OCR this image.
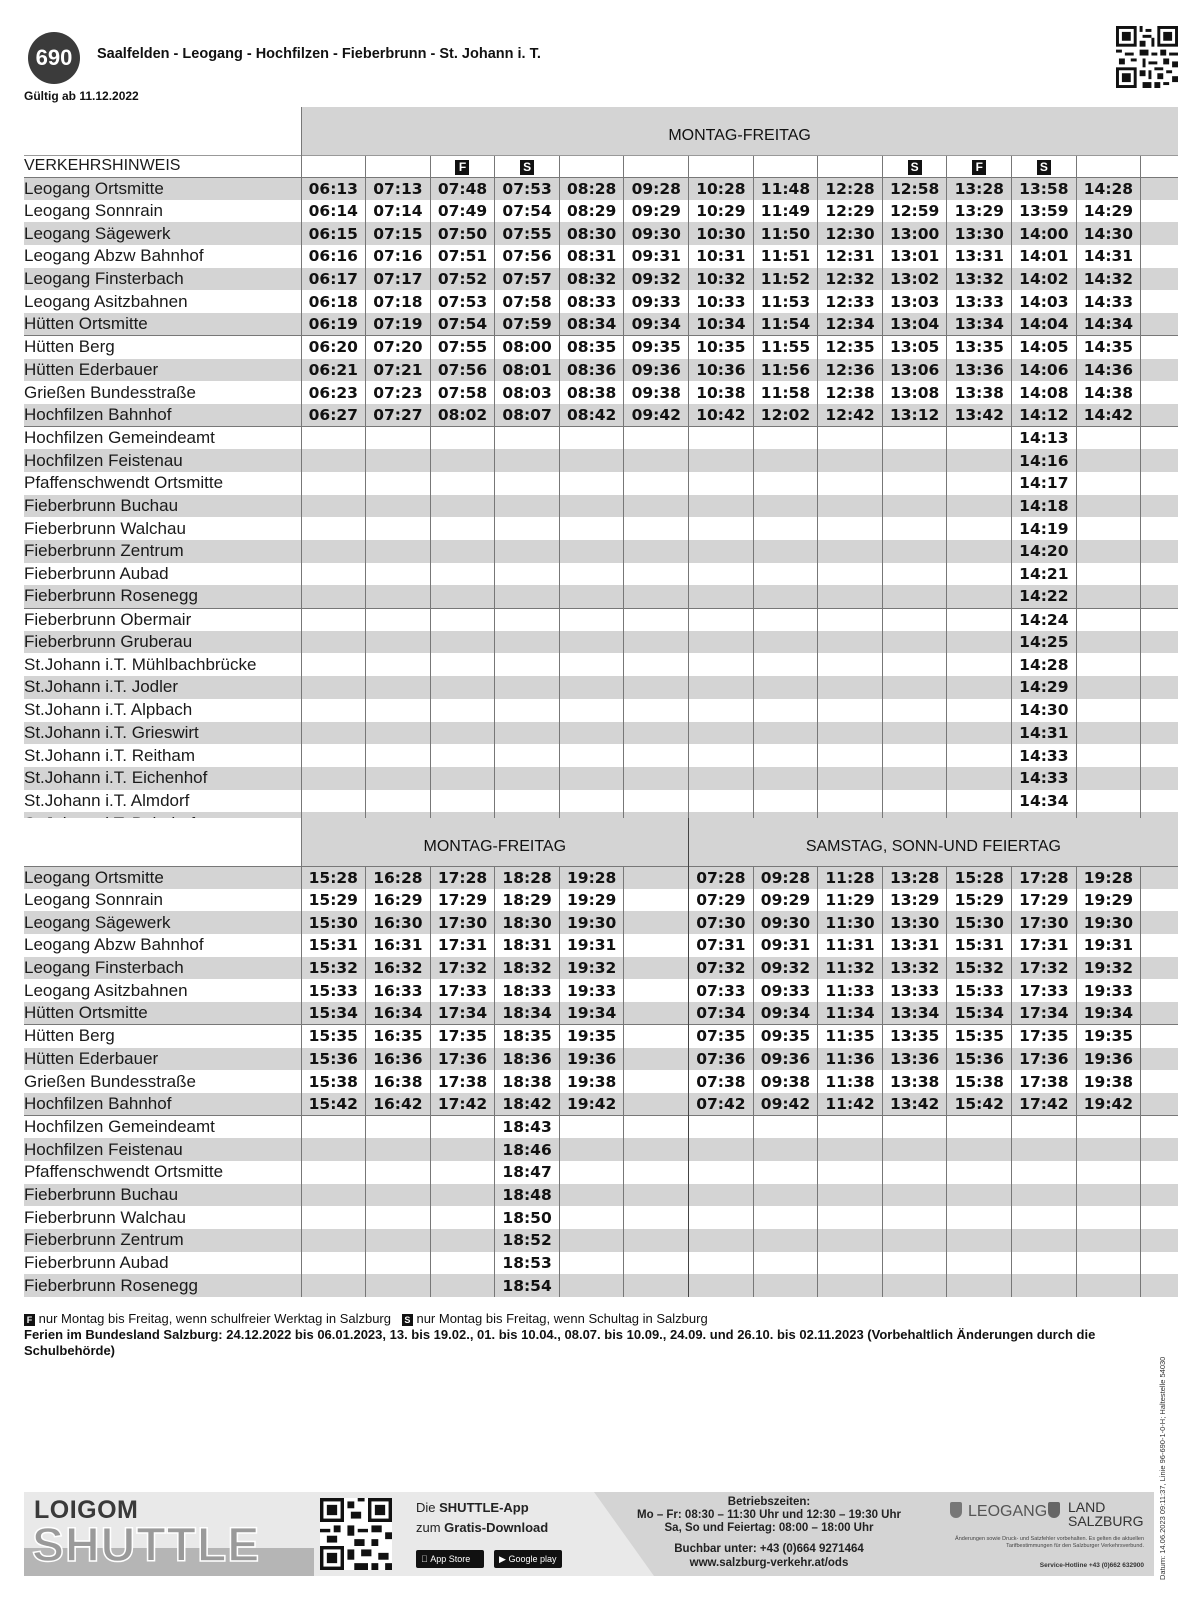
690	Saalfelden - Leogang - Hochfilzen - Fieberbrunn - St. Johann i. T.
Gültig ab 11.12.2022
	MONTAG-FREITAG													
VERKEHRSHINWEIS			F	S						S	F	S		
Leogang Ortsmitte	06:13	07:13	07:48	07:53	08:28	09:28	10:28	11:48	12:28	12:58	13:28	13:58	14:28	
Leogang Sonnrain	06:14	07:14	07:49	07:54	08:29	09:29	10:29	11:49	12:29	12:59	13:29	13:59	14:29	
Leogang Sägewerk	06:15	07:15	07:50	07:55	08:30	09:30	10:30	11:50	12:30	13:00	13:30	14:00	14:30	
Leogang Abzw Bahnhof	06:16	07:16	07:51	07:56	08:31	09:31	10:31	11:51	12:31	13:01	13:31	14:01	14:31	
Leogang Finsterbach	06:17	07:17	07:52	07:57	08:32	09:32	10:32	11:52	12:32	13:02	13:32	14:02	14:32	
Leogang Asitzbahnen	06:18	07:18	07:53	07:58	08:33	09:33	10:33	11:53	12:33	13:03	13:33	14:03	14:33	
Hütten Ortsmitte	06:19	07:19	07:54	07:59	08:34	09:34	10:34	11:54	12:34	13:04	13:34	14:04	14:34	
Hütten Berg	06:20	07:20	07:55	08:00	08:35	09:35	10:35	11:55	12:35	13:05	13:35	14:05	14:35	
Hütten Ederbauer	06:21	07:21	07:56	08:01	08:36	09:36	10:36	11:56	12:36	13:06	13:36	14:06	14:36	
Grießen Bundesstraße	06:23	07:23	07:58	08:03	08:38	09:38	10:38	11:58	12:38	13:08	13:38	14:08	14:38	
Hochfilzen Bahnhof	06:27	07:27	08:02	08:07	08:42	09:42	10:42	12:02	12:42	13:12	13:42	14:12	14:42	
Hochfilzen Gemeindeamt												14:13		
Hochfilzen Feistenau												14:16		
Pfaffenschwendt Ortsmitte												14:17		
Fieberbrunn Buchau												14:18		
Fieberbrunn Walchau												14:19		
Fieberbrunn Zentrum												14:20		
Fieberbrunn Aubad												14:21		
Fieberbrunn Rosenegg												14:22		
Fieberbrunn Obermair												14:24		
Fieberbrunn Gruberau												14:25		
St.Johann i.T. Mühlbachbrücke												14:28		
St.Johann i.T. Jodler												14:29		
St.Johann i.T. Alpbach												14:30		
St.Johann i.T. Grieswirt												14:31		
St.Johann i.T. Reitham												14:33		
St.Johann i.T. Eichenhof												14:33		
St.Johann i.T. Almdorf												14:34		

	MONTAG-FREITAG						SAMSTAG, SONN-UND FEIERTAG							
Leogang Ortsmitte	15:28	16:28	17:28	18:28	19:28		07:28	09:28	11:28	13:28	15:28	17:28	19:28	
Leogang Sonnrain	15:29	16:29	17:29	18:29	19:29		07:29	09:29	11:29	13:29	15:29	17:29	19:29	
Leogang Sägewerk	15:30	16:30	17:30	18:30	19:30		07:30	09:30	11:30	13:30	15:30	17:30	19:30	
Leogang Abzw Bahnhof	15:31	16:31	17:31	18:31	19:31		07:31	09:31	11:31	13:31	15:31	17:31	19:31	
Leogang Finsterbach	15:32	16:32	17:32	18:32	19:32		07:32	09:32	11:32	13:32	15:32	17:32	19:32	
Leogang Asitzbahnen	15:33	16:33	17:33	18:33	19:33		07:33	09:33	11:33	13:33	15:33	17:33	19:33	
Hütten Ortsmitte	15:34	16:34	17:34	18:34	19:34		07:34	09:34	11:34	13:34	15:34	17:34	19:34	
Hütten Berg	15:35	16:35	17:35	18:35	19:35		07:35	09:35	11:35	13:35	15:35	17:35	19:35	
Hütten Ederbauer	15:36	16:36	17:36	18:36	19:36		07:36	09:36	11:36	13:36	15:36	17:36	19:36	
Grießen Bundesstraße	15:38	16:38	17:38	18:38	19:38		07:38	09:38	11:38	13:38	15:38	17:38	19:38	
Hochfilzen Bahnhof	15:42	16:42	17:42	18:42	19:42		07:42	09:42	11:42	13:42	15:42	17:42	19:42	
Hochfilzen Gemeindeamt				18:43										
Hochfilzen Feistenau				18:46										
Pfaffenschwendt Ortsmitte				18:47										
Fieberbrunn Buchau				18:48										
Fieberbrunn Walchau				18:50										
Fieberbrunn Zentrum				18:52										
Fieberbrunn Aubad				18:53										
Fieberbrunn Rosenegg				18:54										
F nur Montag bis Freitag, wenn schulfreier Werktag in Salzburg S nur Montag bis Freitag, wenn Schultag in Salzburg
Ferien im Bundesland Salzburg: 24.12.2022 bis 06.01.2023, 13. bis 19.02., 01. bis 10.04., 08.07. bis 10.09., 24.09. und 26.10. bis 02.11.2023 (Vorbehaltlich Änderungen durch die Schulbehörde)
Datum: 14.06.2023 09:11:37, Linie 96-690-1-0-H; Haltestelle 54030
LOIGOM
SHUTTLE
Die SHUTTLE-App
zum Gratis-Download
App Store	▶ Google play
Betriebszeiten:
Mo – Fr: 08:30 – 11:30 Uhr und 12:30 – 19:30 Uhr
Sa, So und Feiertag: 08:00 – 18:00 Uhr
Buchbar unter: +43 (0)664 9271464
www.salzburg-verkehr.at/ods
LEOGANG LAND
SALZBURG
Änderungen sowie Druck- und Satzfehler vorbehalten. Es gelten die aktuellen Tarifbestimmungen für den Salzburger Verkehrsverbund.
Service-Hotline +43 (0)662 632900
